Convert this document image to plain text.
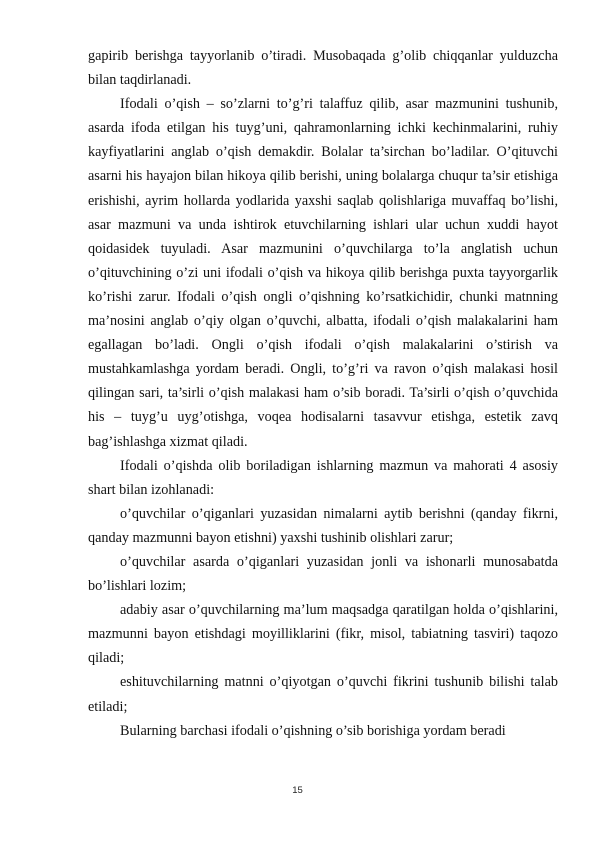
gapirib berishga tayyorlanib o’tiradi. Musobaqada g’olib chiqqanlar yulduzcha bilan taqdirlanadi.

Ifodali o’qish – so’zlarni to’g’ri talaffuz qilib, asar mazmunini tushunib, asarda ifoda etilgan his tuyg’uni, qahramonlarning ichki kechinmalarini, ruhiy kayfiyatlarini anglab o’qish demakdir. Bolalar ta’sirchan bo’ladilar. O’qituvchi asarni his hayajon bilan hikoya qilib berishi, uning bolalarga chuqur ta’sir etishiga erishishi, ayrim hollarda yodlarida yaxshi saqlab qolishlariga muvaffaq bo’lishi, asar mazmuni va unda ishtirok etuvchilarning ishlari ular uchun xuddi hayot qoidasidek tuyuladi. Asar mazmunini o’quvchilarga to’la anglatish uchun o’qituvchining o’zi uni ifodali o’qish va hikoya qilib berishga puxta tayyorgarlik ko’rishi zarur. Ifodali o’qish ongli o’qishning ko’rsatkichidir, chunki matnning ma’nosini anglab o’qiy olgan o’quvchi, albatta, ifodali o’qish malakalarini ham egallagan bo’ladi. Ongli o’qish ifodali o’qish malakalarini o’stirish va mustahkamlashga yordam beradi. Ongli, to’g’ri va ravon o’qish malakasi hosil qilingan sari, ta’sirli o’qish malakasi ham o’sib boradi. Ta’sirli o’qish o’quvchida his – tuyg’u uyg’otishga, voqea hodisalarni tasavvur etishga, estetik zavq bag’ishlashga xizmat qiladi.

Ifodali o’qishda olib boriladigan ishlarning mazmun va mahorati 4 asosiy shart bilan izohlanadi:

o’quvchilar o’qiganlari yuzasidan nimalarni aytib berishni (qanday fikrni, qanday mazmunni bayon etishni) yaxshi tushinib olishlari zarur;

o’quvchilar asarda o’qiganlari yuzasidan jonli va ishonarli munosabatda bo’lishlari lozim;

adabiy asar o’quvchilarning ma’lum maqsadga qaratilgan holda o’qishlarini, mazmunni bayon etishdagi moyilliklarini (fikr, misol, tabiatning tasviri) taqozo qiladi;

eshituvchilarning matnni o’qiyotgan o’quvchi fikrini tushunib bilishi talab etiladi;

Bularning barchasi ifodali o’qishning o’sib borishiga yordam beradi

15
